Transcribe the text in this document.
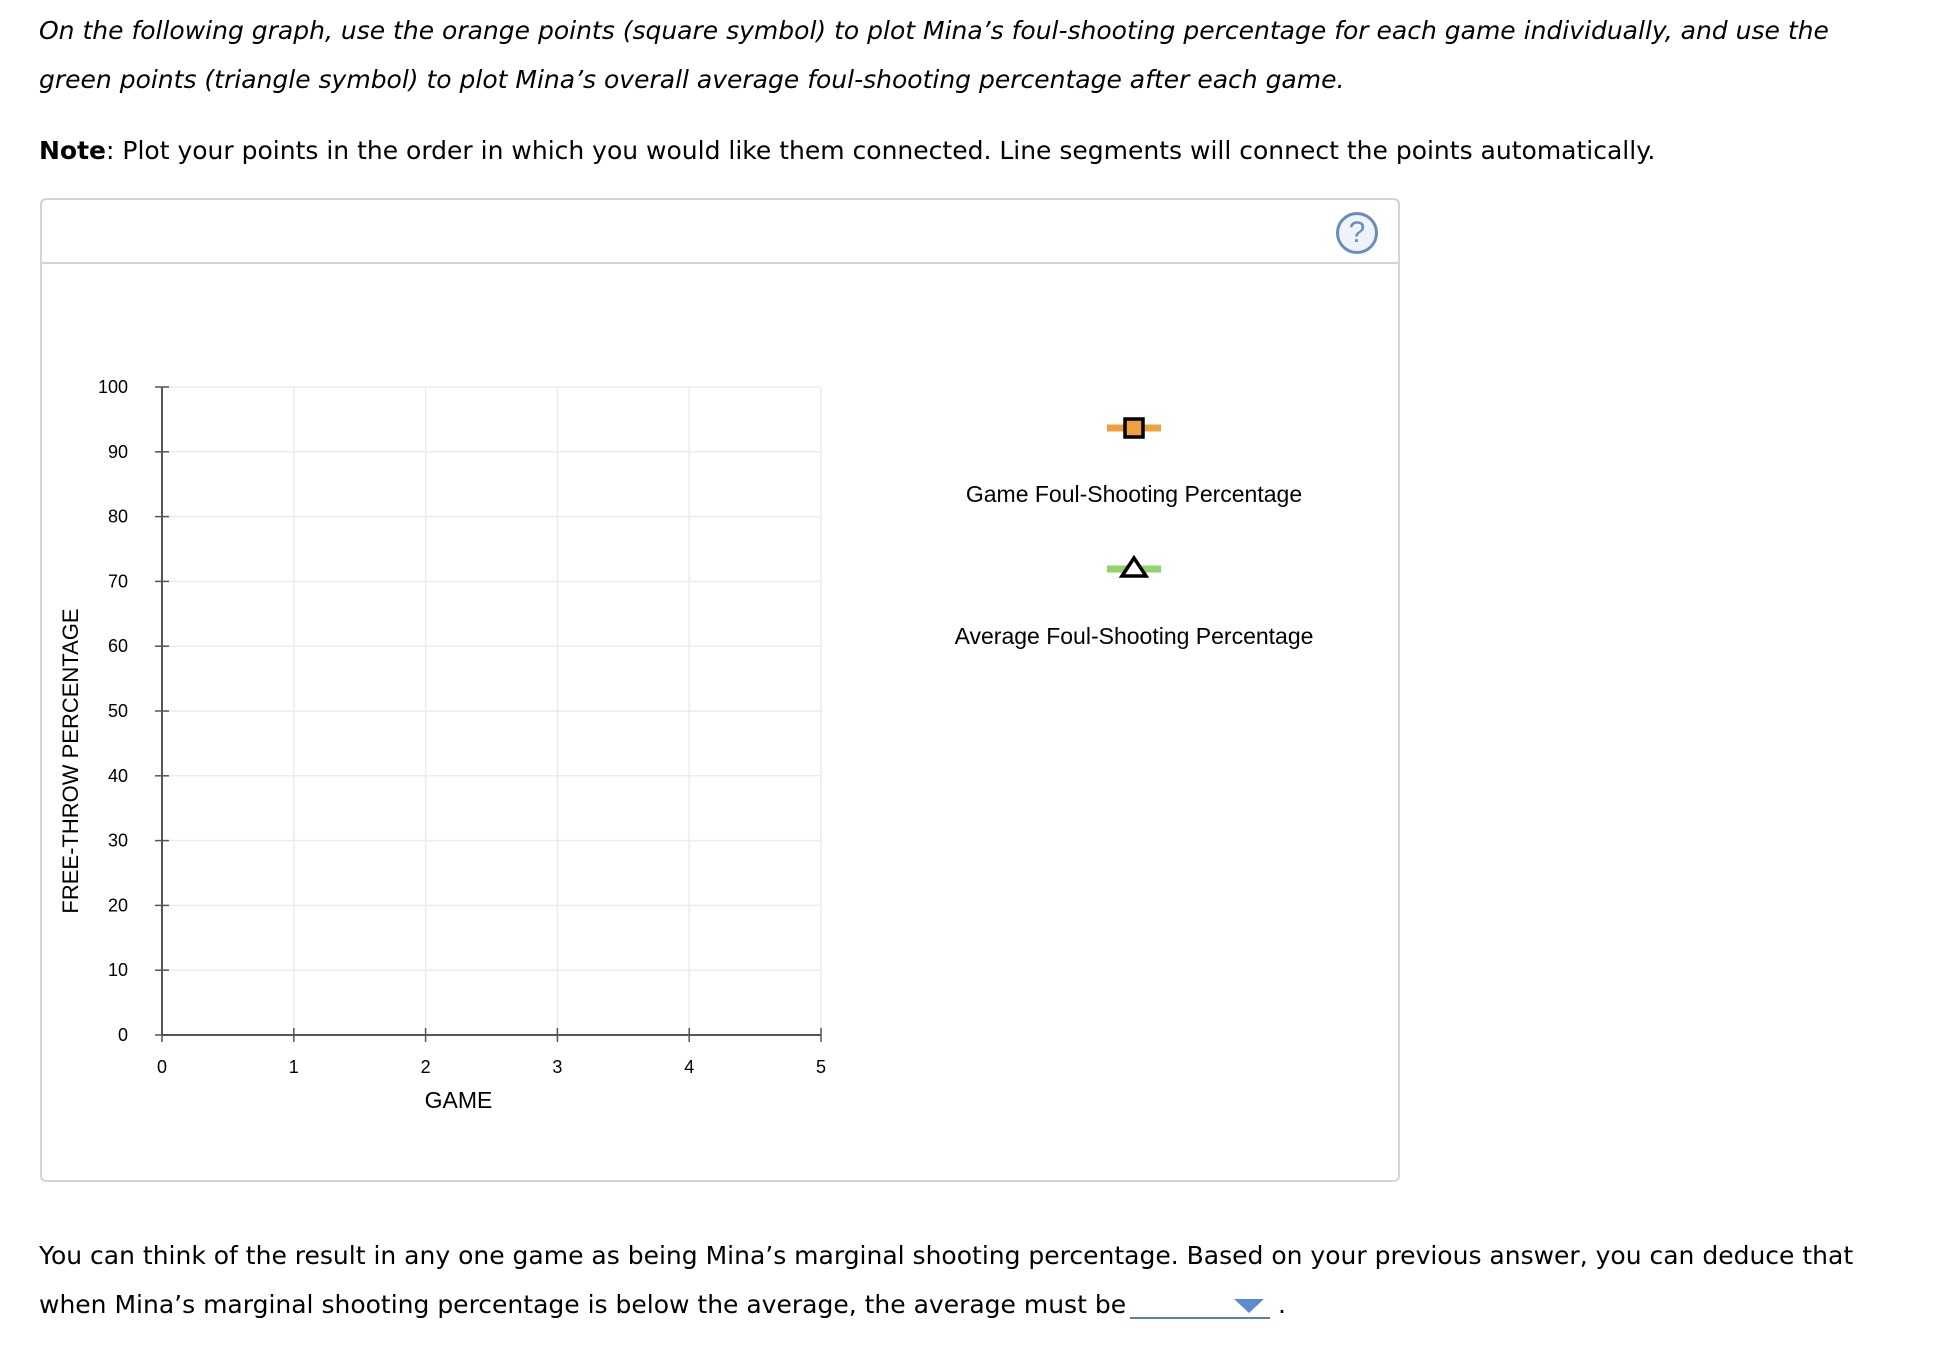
On the following graph, use the orange points (square symbol) to plot Mina’s foul-shooting percentage for each game individually, and use the green points (triangle symbol) to plot Mina’s overall average foul-shooting percentage after each game.

Note: Plot your points in the order in which you would like them connected. Line segments will connect the points automatically.

?
0
10
20
30
40
50
60
70
80
90
100
0	1	2	3	4	5
GAME
FREE-THROW PERCENTAGE
Game Foul-Shooting Percentage
Average Foul-Shooting Percentage

You can think of the result in any one game as being Mina’s marginal shooting percentage. Based on your previous answer, you can deduce that when Mina’s marginal shooting percentage is below the average, the average must be	.
